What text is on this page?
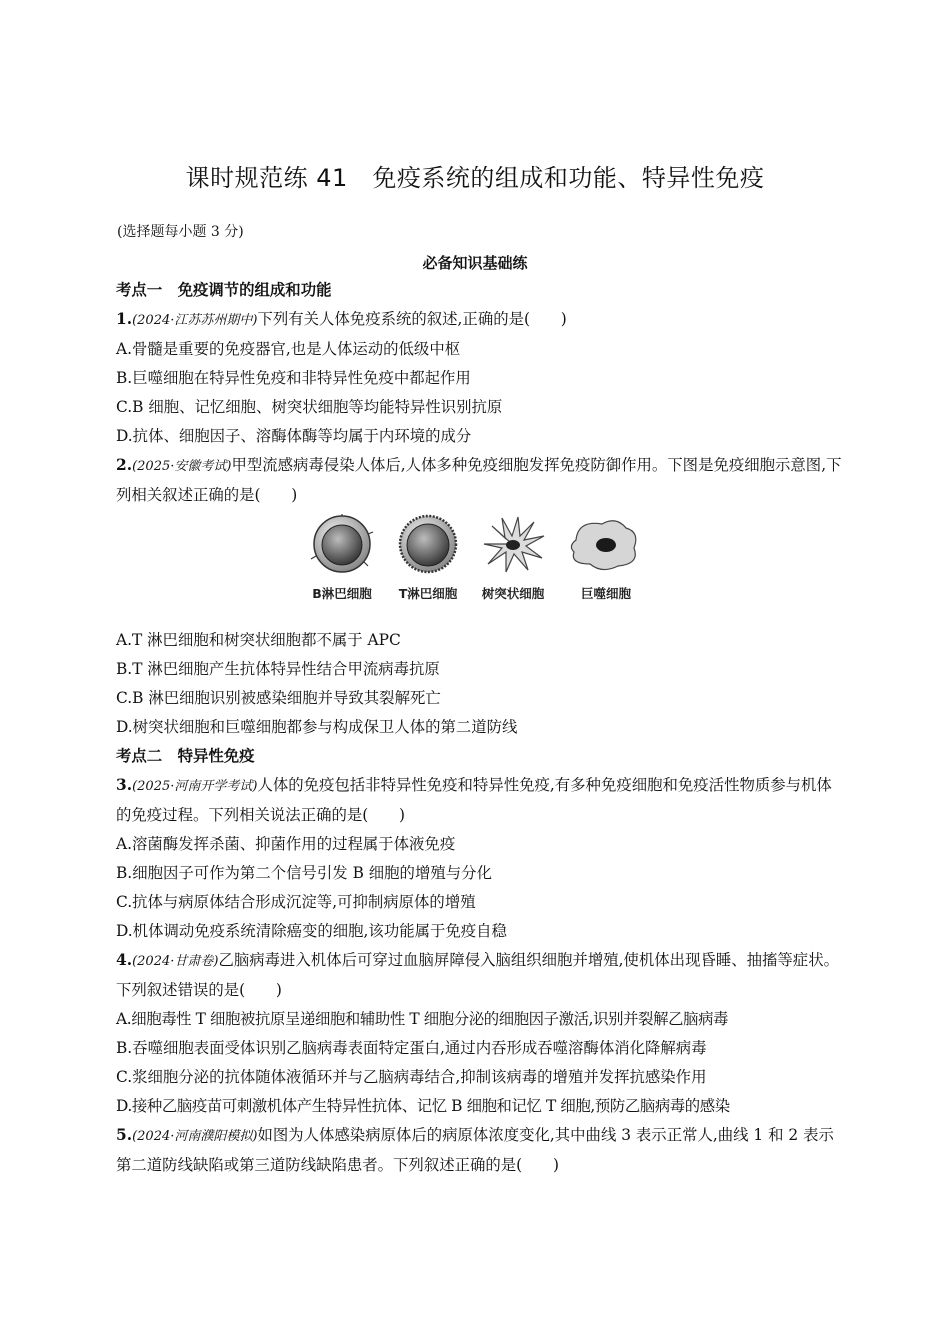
课时规范练 41　免疫系统的组成和功能、特异性免疫
(选择题每小题 3 分)
必备知识基础练
考点一　免疫调节的组成和功能
1.(2024·江苏苏州期中)下列有关人体免疫系统的叙述,正确的是(　　)
A.骨髓是重要的免疫器官,也是人体运动的低级中枢
B.巨噬细胞在特异性免疫和非特异性免疫中都起作用
C.B 细胞、记忆细胞、树突状细胞等均能特异性识别抗原
D.抗体、细胞因子、溶酶体酶等均属于内环境的成分
2.(2025·安徽考试)甲型流感病毒侵染人体后,人体多种免疫细胞发挥免疫防御作用。下图是免疫细胞示意图,下列相关叙述正确的是(　　)
B淋巴细胞 T淋巴细胞 树突状细胞	巨噬细胞
A.T 淋巴细胞和树突状细胞都不属于 APC
B.T 淋巴细胞产生抗体特异性结合甲流病毒抗原
C.B 淋巴细胞识别被感染细胞并导致其裂解死亡
D.树突状细胞和巨噬细胞都参与构成保卫人体的第二道防线
考点二　特异性免疫
3.(2025·河南开学考试)人体的免疫包括非特异性免疫和特异性免疫,有多种免疫细胞和免疫活性物质参与机体的免疫过程。下列相关说法正确的是(　　)
A.溶菌酶发挥杀菌、抑菌作用的过程属于体液免疫
B.细胞因子可作为第二个信号引发 B 细胞的增殖与分化
C.抗体与病原体结合形成沉淀等,可抑制病原体的增殖
D.机体调动免疫系统清除癌变的细胞,该功能属于免疫自稳
4.(2024·甘肃卷)乙脑病毒进入机体后可穿过血脑屏障侵入脑组织细胞并增殖,使机体出现昏睡、抽搐等症状。下列叙述错误的是(　　)
A.细胞毒性 T 细胞被抗原呈递细胞和辅助性 T 细胞分泌的细胞因子激活,识别并裂解乙脑病毒
B.吞噬细胞表面受体识别乙脑病毒表面特定蛋白,通过内吞形成吞噬溶酶体消化降解病毒
C.浆细胞分泌的抗体随体液循环并与乙脑病毒结合,抑制该病毒的增殖并发挥抗感染作用
D.接种乙脑疫苗可刺激机体产生特异性抗体、记忆 B 细胞和记忆 T 细胞,预防乙脑病毒的感染
5.(2024·河南濮阳模拟)如图为人体感染病原体后的病原体浓度变化,其中曲线 3 表示正常人,曲线 1 和 2 表示第二道防线缺陷或第三道防线缺陷患者。下列叙述正确的是(　　)
